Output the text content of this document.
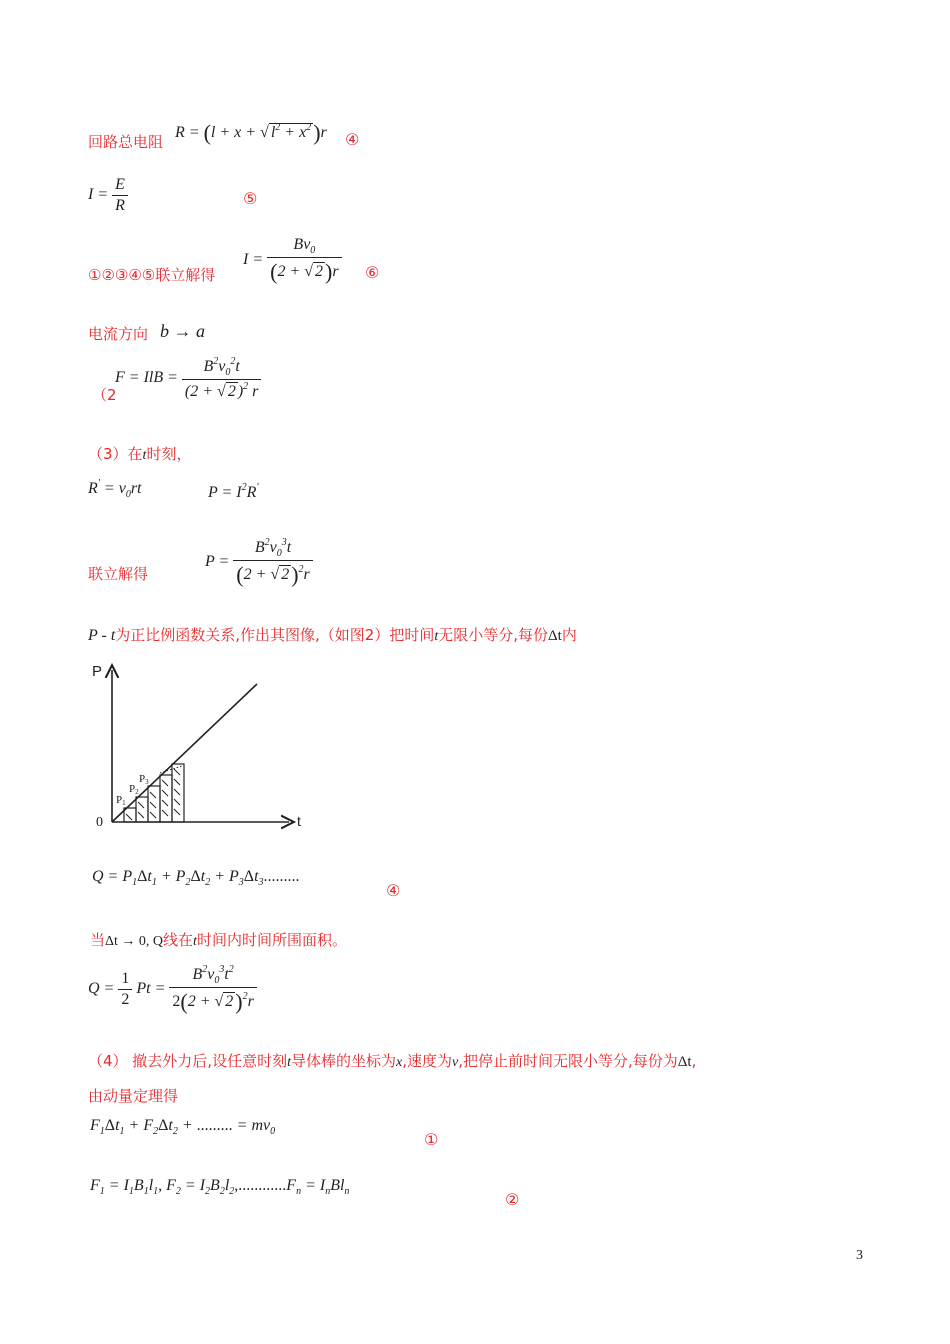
回路总电阻
R = (l + x + √ $l^2 + x^2)r$ ④
$I = \frac{E}{R}$	⑤
①②③④⑤联立解得
$I = \frac{Bv_0}{(2 + √ 2)r}$ ⑥
电流方向 b → a
（2
F = IlB = $\frac{B^2v_0^2t}{(2 + √ 2 )^2 r}$
（3）在t时刻，
$R' = v_0rt$	$P = I^2R'$
联立解得
$P = \frac{B^2v_0^3t}{(2 + √ 2)^2r}$
P - t为正比例函数关系,作出其图像,（如图2）把时间t无限小等分,每份Δt内
P
t
0
P1
P2
P3
$Q = P_1\Delta t_1 + P_2\Delta t_2 + P_3\Delta t_3$.........
④
当Δt → 0, Q线在t时间内时间所围面积。
$Q = \frac{1}{2}$ $Pt = \frac{B^2v_0^3t^2}{2(2 + √ 2)^2r}$
（4） 撤去外力后,设任意时刻t导体棒的坐标为x,速度为v,把停止前时间无限小等分,每份为Δt,
由动量定理得
$F_1\Delta t_1 + F_2\Delta t_2$ + ......... = $mv_0$	①
$F_1 = I_1B_1l_1$, $F_2 = I_2B_2l_2,............F_n = I_nBl_n$	②
3
